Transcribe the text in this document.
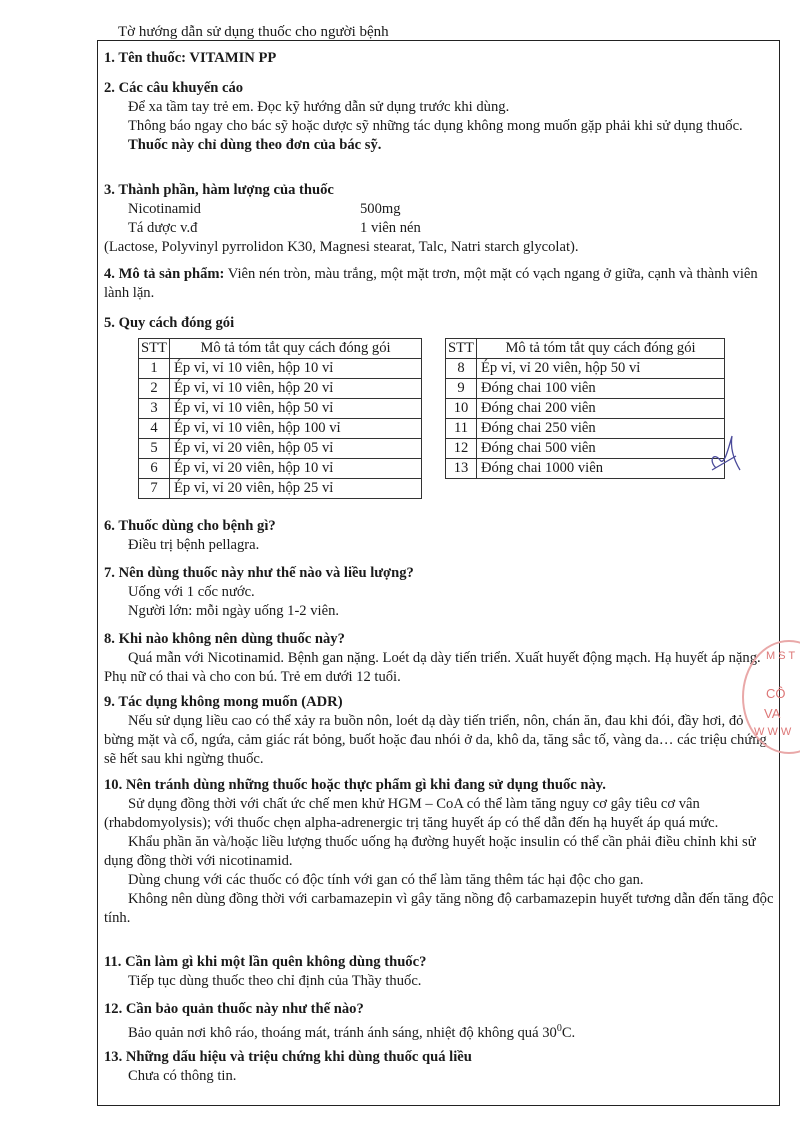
Tờ hướng dẫn sử dụng thuốc cho người bệnh
1. Tên thuốc: VITAMIN PP
2. Các câu khuyến cáo
Để xa tầm tay trẻ em. Đọc kỹ hướng dẫn sử dụng trước khi dùng.
Thông báo ngay cho bác sỹ hoặc dược sỹ những tác dụng không mong muốn gặp phải khi sử dụng thuốc.
Thuốc này chỉ dùng theo đơn của bác sỹ.
3. Thành phần, hàm lượng của thuốc
Nicotinamid	500mg
Tá dược v.đ	1 viên nén
(Lactose, Polyvinyl pyrrolidon K30, Magnesi stearat, Talc, Natri starch glycolat).
4. Mô tả sản phẩm: Viên nén tròn, màu trắng, một mặt trơn, một mặt có vạch ngang ở giữa, cạnh và thành viên lành lặn.
5. Quy cách đóng gói
STT	Mô tả tóm tắt quy cách đóng gói
1	Ép vỉ, vỉ 10 viên, hộp 10 vỉ
2	Ép vỉ, vỉ 10 viên, hộp 20 vỉ
3	Ép vỉ, vỉ 10 viên, hộp 50 vỉ
4	Ép vỉ, vỉ 10 viên, hộp 100 vỉ
5	Ép vỉ, vỉ 20 viên, hộp 05 vỉ
6	Ép vỉ, vỉ 20 viên, hộp 10 vỉ
7	Ép vỉ, vỉ 20 viên, hộp 25 vỉ
STT	Mô tả tóm tắt quy cách đóng gói
8	Ép vỉ, vỉ 20 viên, hộp 50 vỉ
9	Đóng chai 100 viên
10	Đóng chai 200 viên
11	Đóng chai 250 viên
12	Đóng chai 500 viên
13	Đóng chai 1000 viên
6. Thuốc dùng cho bệnh gì?
Điều trị bệnh pellagra.
7. Nên dùng thuốc này như thế nào và liều lượng?
Uống với 1 cốc nước.
Người lớn: mỗi ngày uống 1-2 viên.
8. Khi nào không nên dùng thuốc này?
Quá mẫn với Nicotinamid. Bệnh gan nặng. Loét dạ dày tiến triển. Xuất huyết động mạch. Hạ huyết áp nặng. Phụ nữ có thai và cho con bú. Trẻ em dưới 12 tuổi.
9. Tác dụng không mong muốn (ADR)
Nếu sử dụng liều cao có thể xảy ra buồn nôn, loét dạ dày tiến triển, nôn, chán ăn, đau khi đói, đầy hơi, đỏ bừng mặt và cổ, ngứa, cảm giác rát bỏng, buốt hoặc đau nhói ở da, khô da, tăng sắc tố, vàng da… các triệu chứng sẽ hết sau khi ngừng thuốc.
10. Nên tránh dùng những thuốc hoặc thực phẩm gì khi đang sử dụng thuốc này.
Sử dụng đồng thời với chất ức chế men khử HGM – CoA có thể làm tăng nguy cơ gây tiêu cơ vân (rhabdomyolysis); với thuốc chẹn alpha-adrenergic trị tăng huyết áp có thể dẫn đến hạ huyết áp quá mức.
Khẩu phần ăn và/hoặc liều lượng thuốc uống hạ đường huyết hoặc insulin có thể cần phải điều chỉnh khi sử dụng đồng thời với nicotinamid.
Dùng chung với các thuốc có độc tính với gan có thể làm tăng thêm tác hại độc cho gan.
Không nên dùng đồng thời với carbamazepin vì gây tăng nồng độ carbamazepin huyết tương dẫn đến tăng độc tính.
11. Cần làm gì khi một lần quên không dùng thuốc?
Tiếp tục dùng thuốc theo chỉ định của Thầy thuốc.
12. Cần bảo quản thuốc này như thế nào?
Bảo quản nơi khô ráo, thoáng mát, tránh ánh sáng, nhiệt độ không quá $30^0C$.
13. Những dấu hiệu và triệu chứng khi dùng thuốc quá liều
Chưa có thông tin.
M S T
CÔ
VA
W W W
